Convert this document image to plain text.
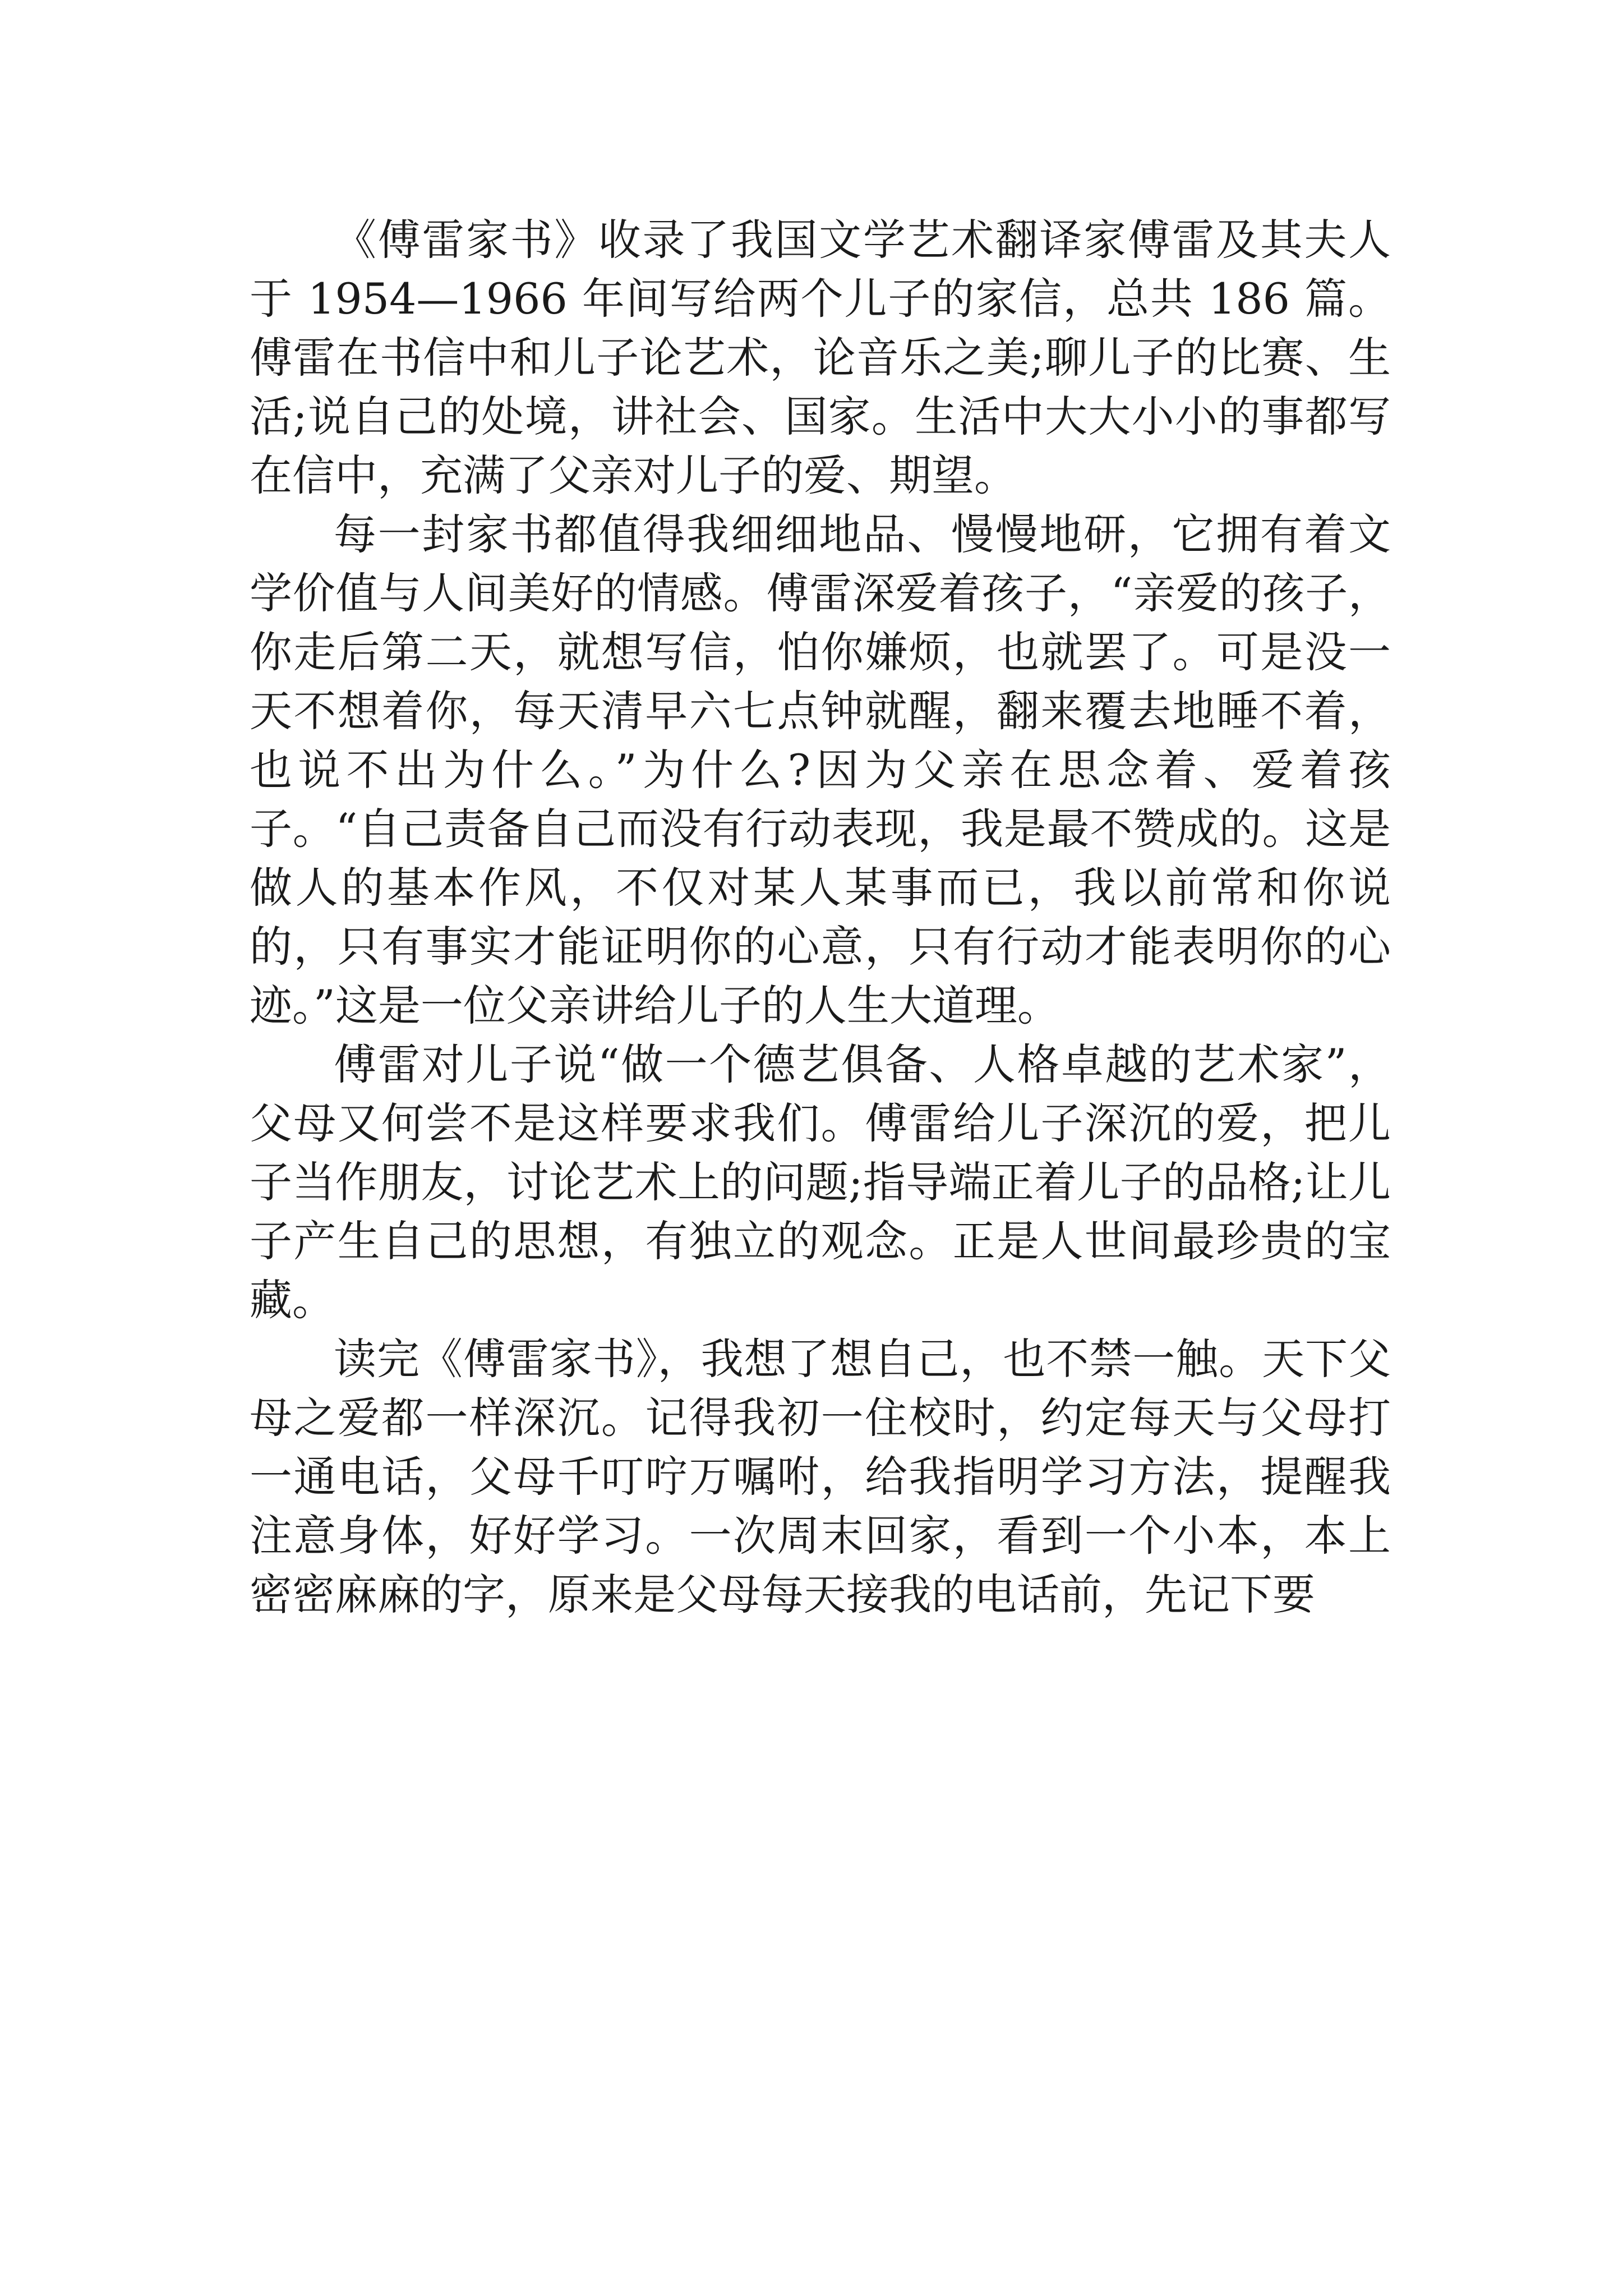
《傅雷家书》收录了我国文学艺术翻译家傅雷及其夫人于 1954—1966 年间写给两个儿子的家信，总共 186 篇。傅雷在书信中和儿子论艺术，论音乐之美;聊儿子的比赛、生活;说自己的处境，讲社会、国家。生活中大大小小的事都写在信中，充满了父亲对儿子的爱、期望。

每一封家书都值得我细细地品、慢慢地研，它拥有着文学价值与人间美好的情感。傅雷深爱着孩子，“亲爱的孩子，你走后第二天，就想写信，怕你嫌烦，也就罢了。可是没一天不想着你，每天清早六七点钟就醒，翻来覆去地睡不着，也说不出为什么。”为什么?因为父亲在思念着、爱着孩子。“自己责备自己而没有行动表现，我是最不赞成的。这是做人的基本作风，不仅对某人某事而已，我以前常和你说的，只有事实才能证明你的心意，只有行动才能表明你的心迹。”这是一位父亲讲给儿子的人生大道理。

傅雷对儿子说“做一个德艺俱备、人格卓越的艺术家”，父母又何尝不是这样要求我们。傅雷给儿子深沉的爱，把儿子当作朋友，讨论艺术上的问题;指导端正着儿子的品格;让儿子产生自己的思想，有独立的观念。正是人世间最珍贵的宝藏。

读完《傅雷家书》，我想了想自己，也不禁一触。天下父母之爱都一样深沉。记得我初一住校时，约定每天与父母打一通电话，父母千叮咛万嘱咐，给我指明学习方法，提醒我注意身体，好好学习。一次周末回家，看到一个小本，本上密密麻麻的字，原来是父母每天接我的电话前，先记下要
